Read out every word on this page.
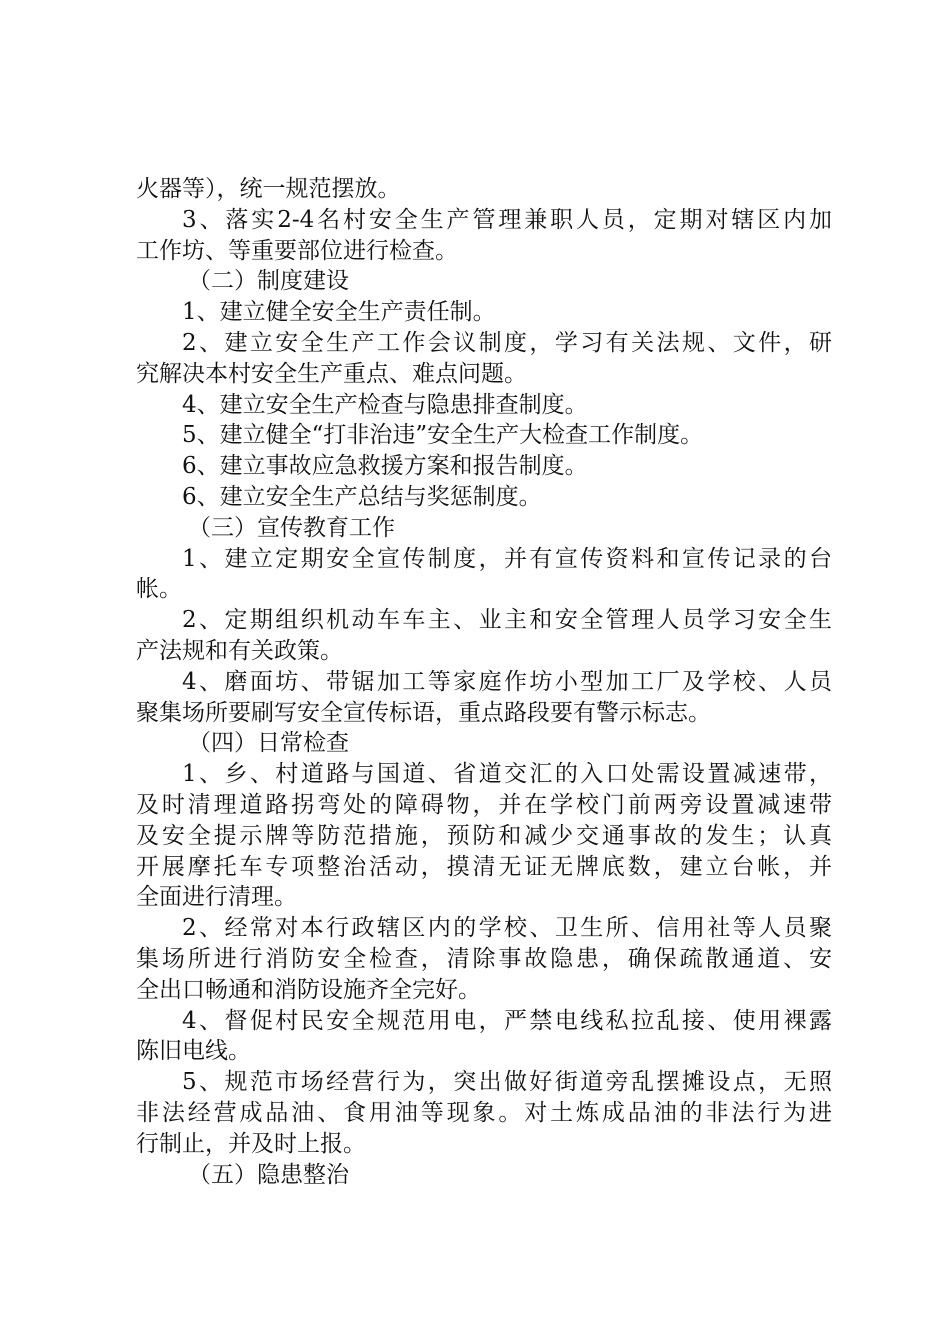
火器等），统一规范摆放。
3、落实2-4名村安全生产管理兼职人员，定期对辖区内加
工作坊、等重要部位进行检查。
（二）制度建设
1、建立健全安全生产责任制。
2、建立安全生产工作会议制度，学习有关法规、文件，研
究解决本村安全生产重点、难点问题。
4、建立安全生产检查与隐患排查制度。
5、建立健全“打非治违”安全生产大检查工作制度。
6、建立事故应急救援方案和报告制度。
6、建立安全生产总结与奖惩制度。
（三）宣传教育工作
1、建立定期安全宣传制度，并有宣传资料和宣传记录的台
帐。
2、定期组织机动车车主、业主和安全管理人员学习安全生
产法规和有关政策。
4、磨面坊、带锯加工等家庭作坊小型加工厂及学校、人员
聚集场所要刷写安全宣传标语，重点路段要有警示标志。
（四）日常检查
1、乡、村道路与国道、省道交汇的入口处需设置减速带，
及时清理道路拐弯处的障碍物，并在学校门前两旁设置减速带
及安全提示牌等防范措施，预防和减少交通事故的发生；认真
开展摩托车专项整治活动，摸清无证无牌底数，建立台帐，并
全面进行清理。
2、经常对本行政辖区内的学校、卫生所、信用社等人员聚
集场所进行消防安全检查，清除事故隐患，确保疏散通道、安
全出口畅通和消防设施齐全完好。
4、督促村民安全规范用电，严禁电线私拉乱接、使用裸露
陈旧电线。
5、规范市场经营行为，突出做好街道旁乱摆摊设点，无照
非法经营成品油、食用油等现象。对土炼成品油的非法行为进
行制止，并及时上报。
（五）隐患整治
